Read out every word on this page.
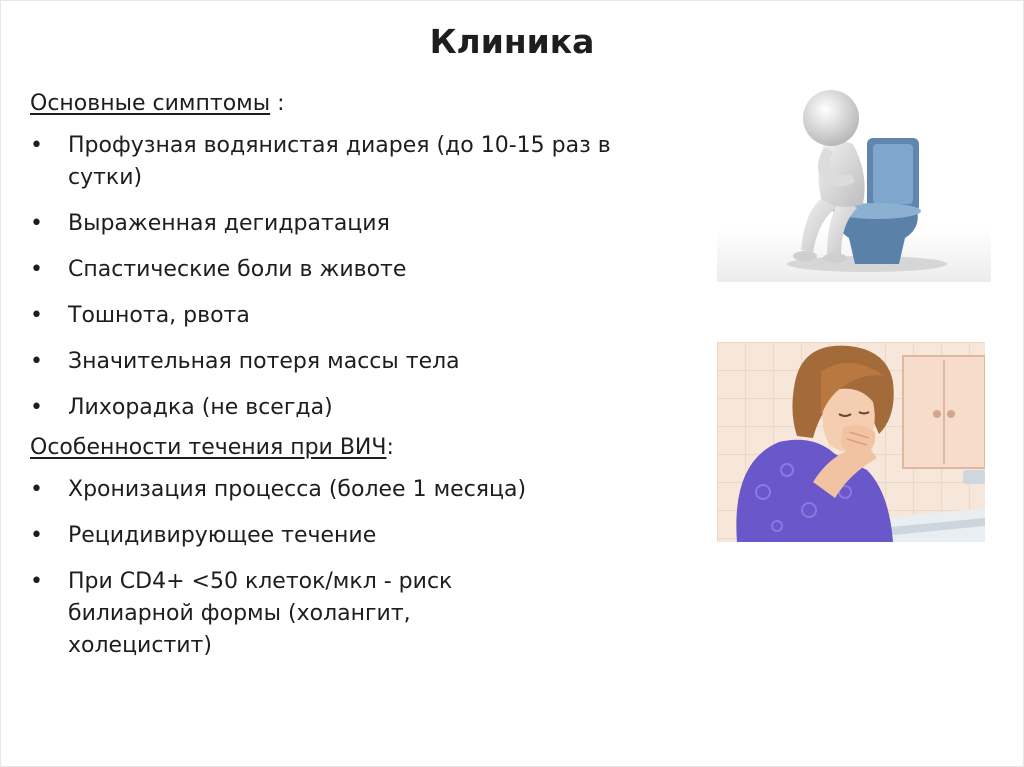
Клиника
Основные симптомы :
• Профузная водянистая диарея (до 10-15 раз в сутки)
• Выраженная дегидратация
• Спастические боли в животе
• Тошнота, рвота
• Значительная потеря массы тела
• Лихорадка (не всегда)
Особенности течения при ВИЧ:
• Хронизация процесса (более 1 месяца)
• Рецидивирующее течение
• При CD4+ <50 клеток/мкл - риск билиарной формы (холангит, холецистит)
